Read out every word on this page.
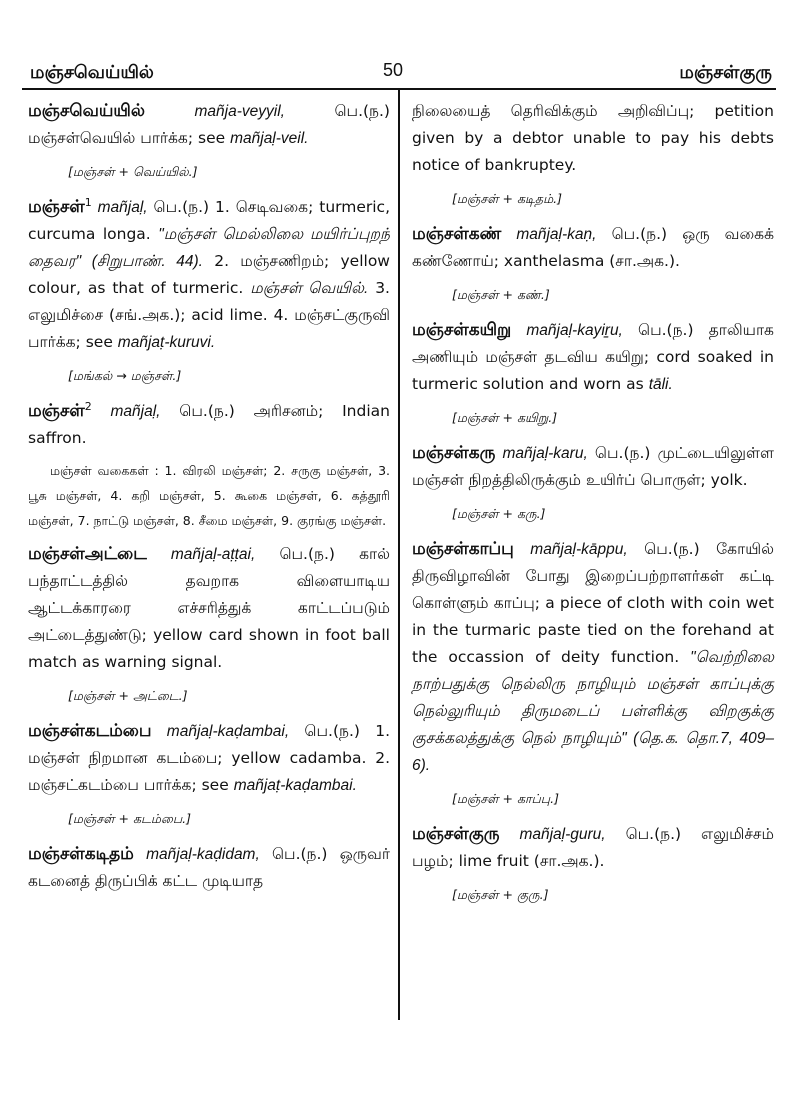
மஞ்சவெய்யில்	50	மஞ்சள்குரு
மஞ்சவெய்யில்	mañja-veyyil,	பெ.(ந.) மஞ்சள்வெயில் பார்க்க; see mañjaḷ-veil.
[மஞ்சள் + வெய்யில்.]
மஞ்சள்$^1$ mañjaḷ, பெ.(ந.) 1. செடிவகை; turmeric, curcuma longa. "மஞ்சள் மெல்லிலை மயிர்ப்புறந் தைவர" (சிறுபாண். 44). 2. மஞ்சணிறம்; yellow colour, as that of turmeric. மஞ்சள் வெயில். 3. எலுமிச்சை (சங்.அக.); acid lime. 4. மஞ்சட்குருவி பார்க்க; see mañjaṭ-kuruvi.
[மங்கல் → மஞ்சள்.]
மஞ்சள்$^2$ mañjaḷ, பெ.(ந.) அரிசனம்; Indian saffron.
மஞ்சள் வகைகள் : 1. விரலி மஞ்சள்; 2. சருகு மஞ்சள், 3. பூசு மஞ்சள், 4. கறி மஞ்சள், 5. கூகை மஞ்சள், 6. கத்தூரி மஞ்சள், 7. நாட்டு மஞ்சள், 8. சீமை மஞ்சள், 9. குரங்கு மஞ்சள்.
மஞ்சள்அட்டை mañjaḷ-aṭṭai, பெ.(ந.) கால் பந்தாட்டத்தில் தவறாக விளையாடிய ஆட்டக்காரரை எச்சரித்துக் காட்டப்படும் அட்டைத்துண்டு; yellow card shown in foot ball match as warning signal.
[மஞ்சள் + அட்டை.]
மஞ்சள்கடம்பை mañjaḷ-kaḍambai, பெ.(ந.) 1. மஞ்சள் நிறமான கடம்பை; yellow cadamba. 2. மஞ்சட்கடம்பை பார்க்க; see mañjaṭ-kaḍambai.
[மஞ்சள் + கடம்பை.]
மஞ்சள்கடிதம் mañjaḷ-kaḍidam, பெ.(ந.) ஒருவர் கடனைத் திருப்பிக் கட்ட முடியாத
நிலையைத் தெரிவிக்கும் அறிவிப்பு; petition given by a debtor unable to pay his debts notice of bankruptey.
[மஞ்சள் + கடிதம்.]
மஞ்சள்கண் mañjaḷ-kaṇ, பெ.(ந.) ஒரு வகைக் கண்ணோய்; xanthelasma (சா.அக.).
[மஞ்சள் + கண்.]
மஞ்சள்கயிறு mañjaḷ-kayiṟu, பெ.(ந.) தாலியாக அணியும் மஞ்சள் தடவிய கயிறு; cord soaked in turmeric solution and worn as tāli.
[மஞ்சள் + கயிறு.]
மஞ்சள்கரு mañjaḷ-karu, பெ.(ந.) முட்டையிலுள்ள மஞ்சள் நிறத்திலிருக்கும் உயிர்ப் பொருள்; yolk.
[மஞ்சள் + கரு.]
மஞ்சள்காப்பு mañjaḷ-kāppu, பெ.(ந.) கோயில் திருவிழாவின் போது இறைப்பற்றாளர்கள் கட்டி கொள்ளும் காப்பு; a piece of cloth with coin wet in the turmaric paste tied on the forehand at the occassion of deity function. "வெற்றிலை நாற்பதுக்கு நெல்லிரு நாழியும் மஞ்சள் காப்புக்கு நெல்லுரியும் திருமடைப் பள்ளிக்கு விறகுக்கு குசக்கலத்துக்கு நெல் நாழியும்" (தெ.க. தொ.7, 409–6).
[மஞ்சள் + காப்பு.]
மஞ்சள்குரு mañjaḷ-guru, பெ.(ந.) எலுமிச்சம் பழம்; lime fruit (சா.அக.).
[மஞ்சள் + குரு.]
